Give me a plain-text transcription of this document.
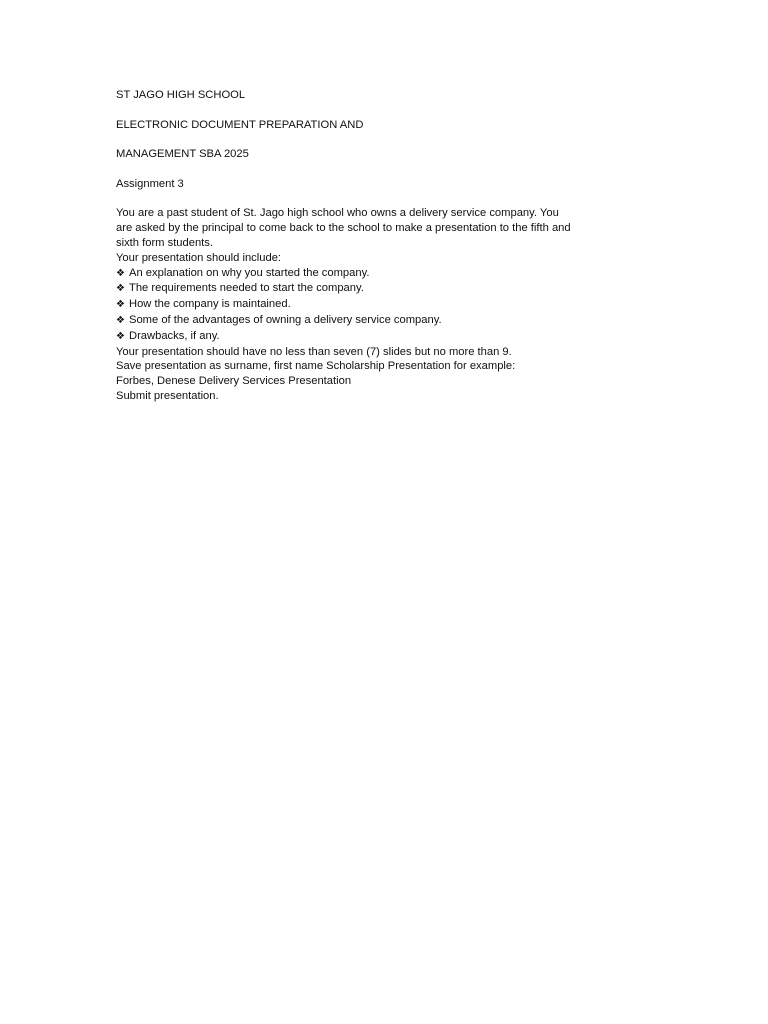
ST JAGO HIGH SCHOOL
ELECTRONIC DOCUMENT PREPARATION AND
MANAGEMENT SBA 2025
Assignment 3
You are a past student of St. Jago high school who owns a delivery service company. You
are asked by the principal to come back to the school to make a presentation to the fifth and
sixth form students.
Your presentation should include:
❖ An explanation on why you started the company.
❖ The requirements needed to start the company.
❖ How the company is maintained.
❖ Some of the advantages of owning a delivery service company.
❖ Drawbacks, if any.
Your presentation should have no less than seven (7) slides but no more than 9.
Save presentation as surname, first name Scholarship Presentation for example:
Forbes, Denese Delivery Services Presentation
Submit presentation.
